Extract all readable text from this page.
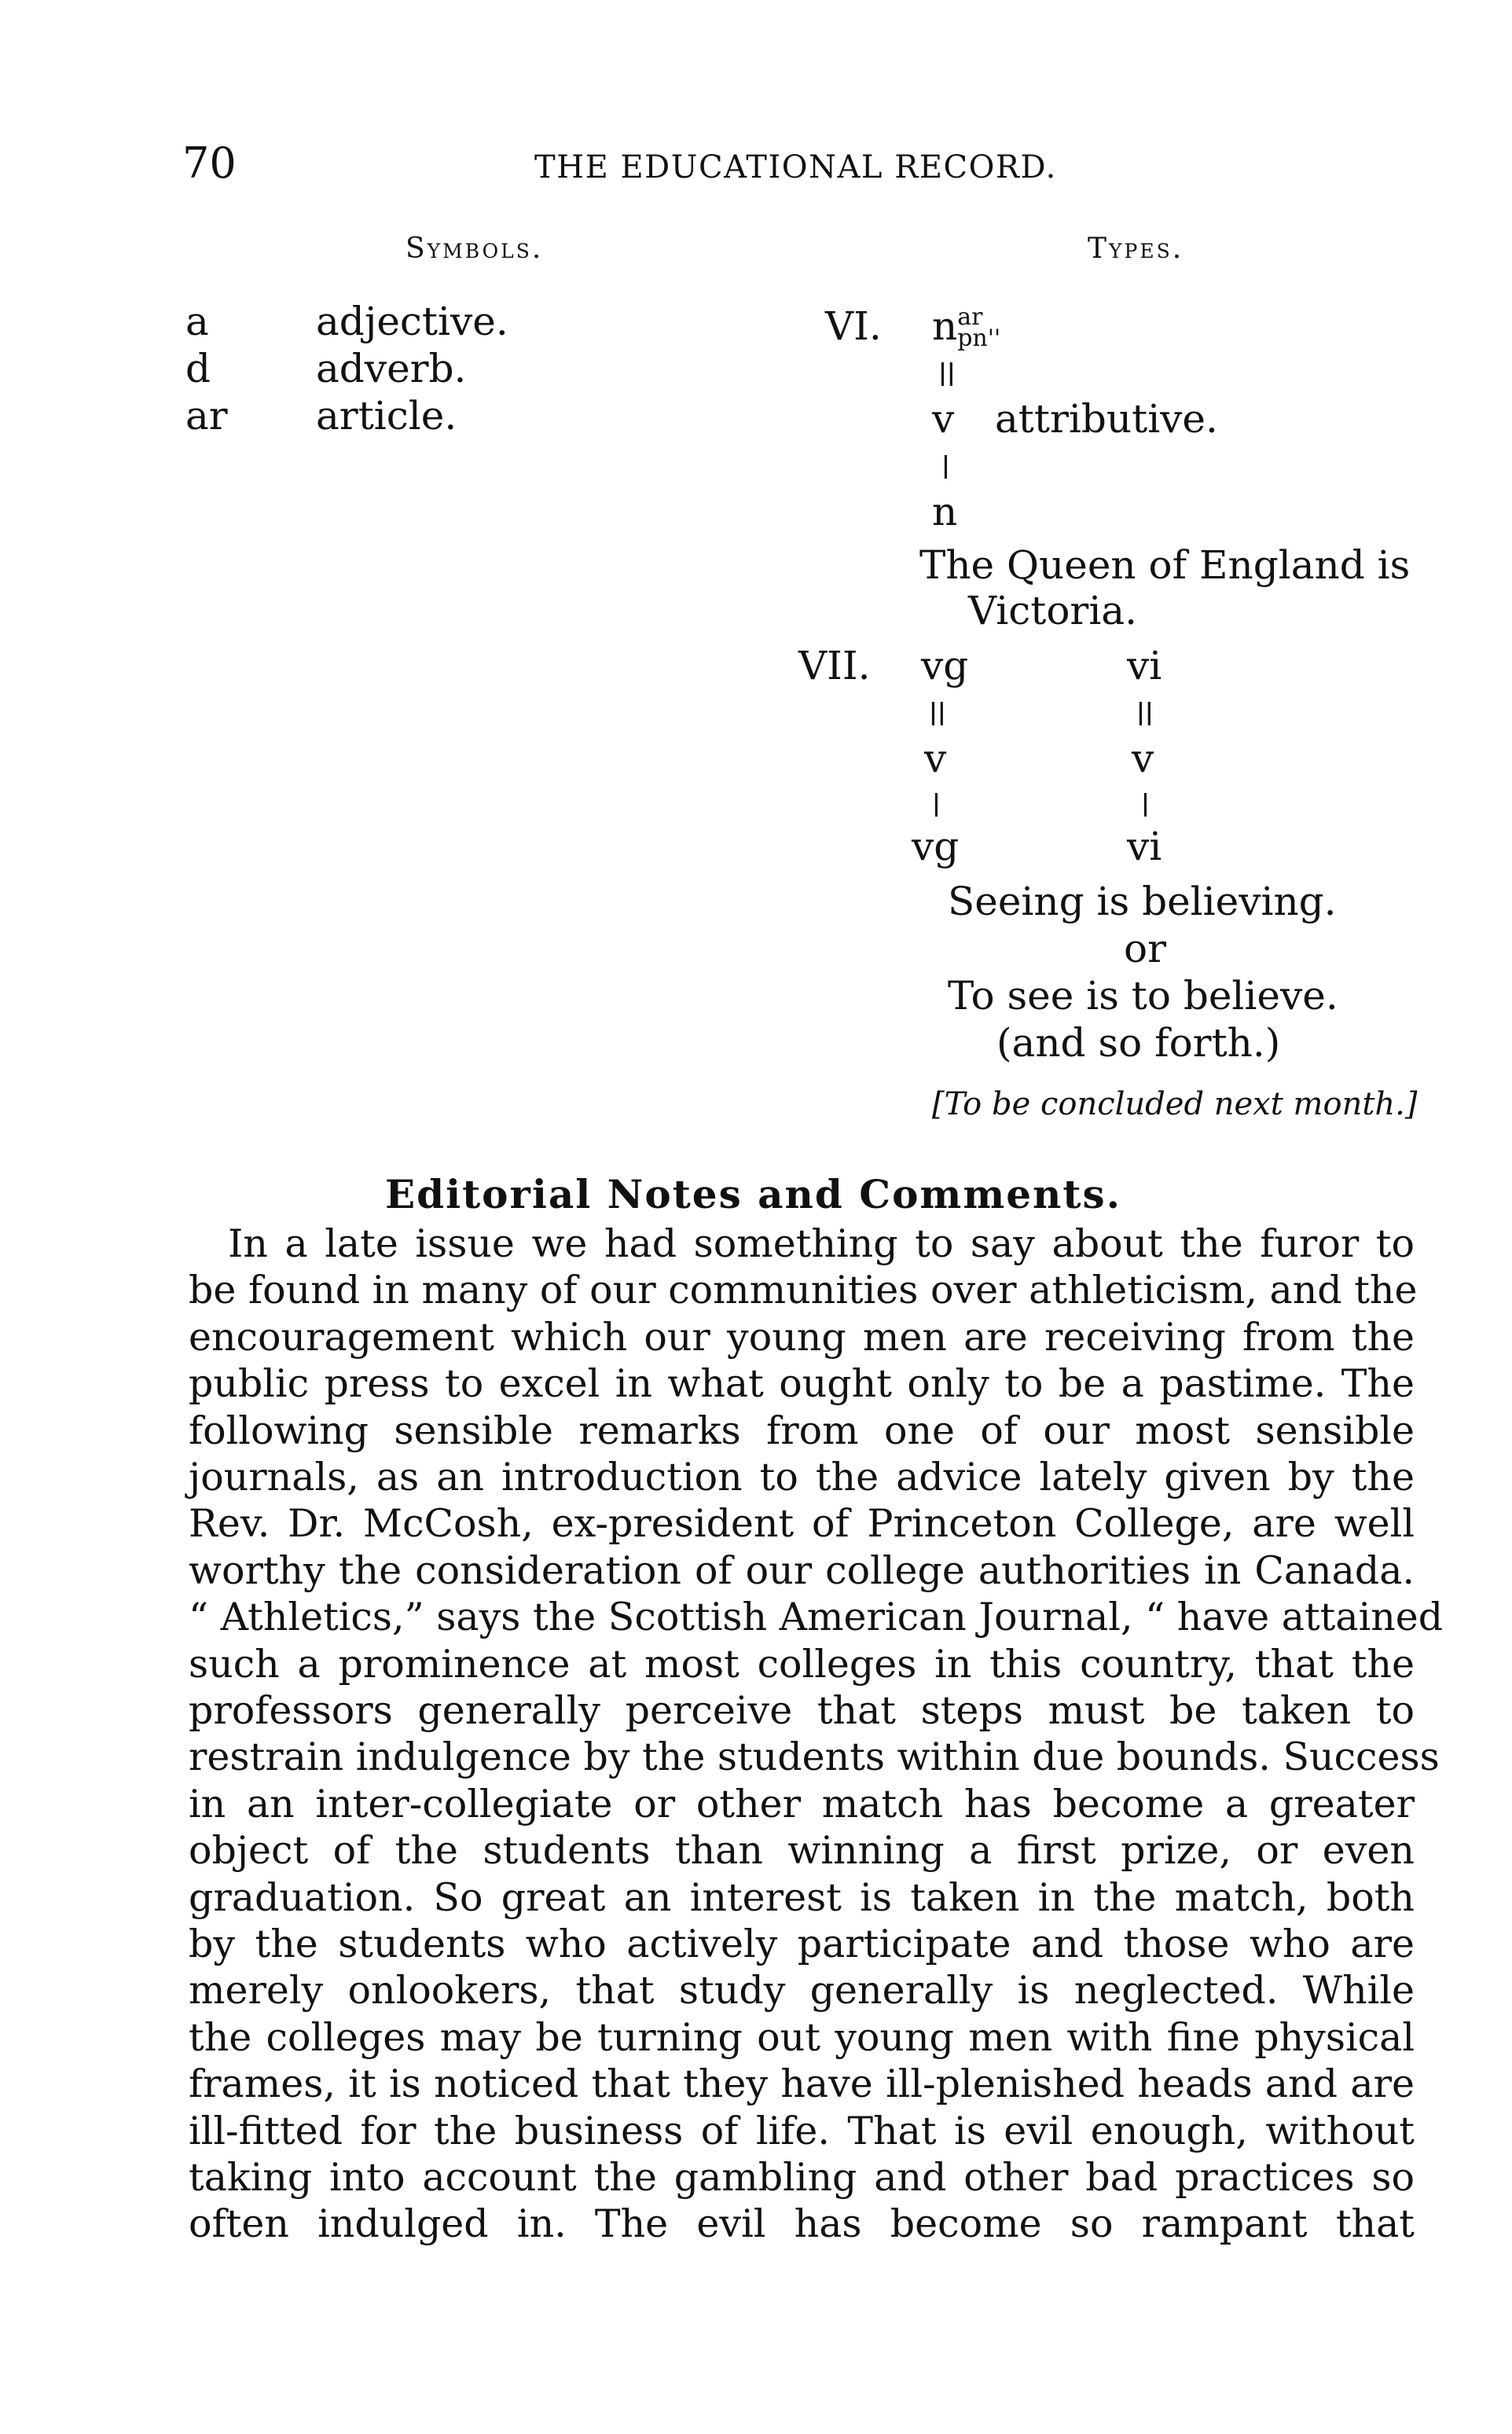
70	THE EDUCATIONAL RECORD.
Symbols.	Types.
a	adjective.
d	adverb.
ar article.
VI. n ar
pn''
||
v attributive.
|
n
The Queen of England is
Victoria.
VII. vg	vi
||	||
v	v
|	|
vg	vi
Seeing is believing.
or
To see is to believe.
(and so forth.)
[To be concluded next month.]
Editorial Notes and Comments.
In a late issue we had something to say about the furor to
be found in many of our communities over athleticism, and the
encouragement which our young men are receiving from the
public press to excel in what ought only to be a pastime. The
following sensible remarks from one of our most sensible
journals, as an introduction to the advice lately given by the
Rev. Dr. McCosh, ex-president of Princeton College, are well
worthy the consideration of our college authorities in Canada.
“ Athletics,” says the Scottish American Journal, “ have attained
such a prominence at most colleges in this country, that the
professors generally perceive that steps must be taken to
restrain indulgence by the students within due bounds. Success
in an inter-collegiate or other match has become a greater
object of the students than winning a first prize, or even
graduation. So great an interest is taken in the match, both
by the students who actively participate and those who are
merely onlookers, that study generally is neglected. While
the colleges may be turning out young men with fine physical
frames, it is noticed that they have ill-plenished heads and are
ill-fitted for the business of life. That is evil enough, without
taking into account the gambling and other bad practices so
often indulged in. The evil has become so rampant that
